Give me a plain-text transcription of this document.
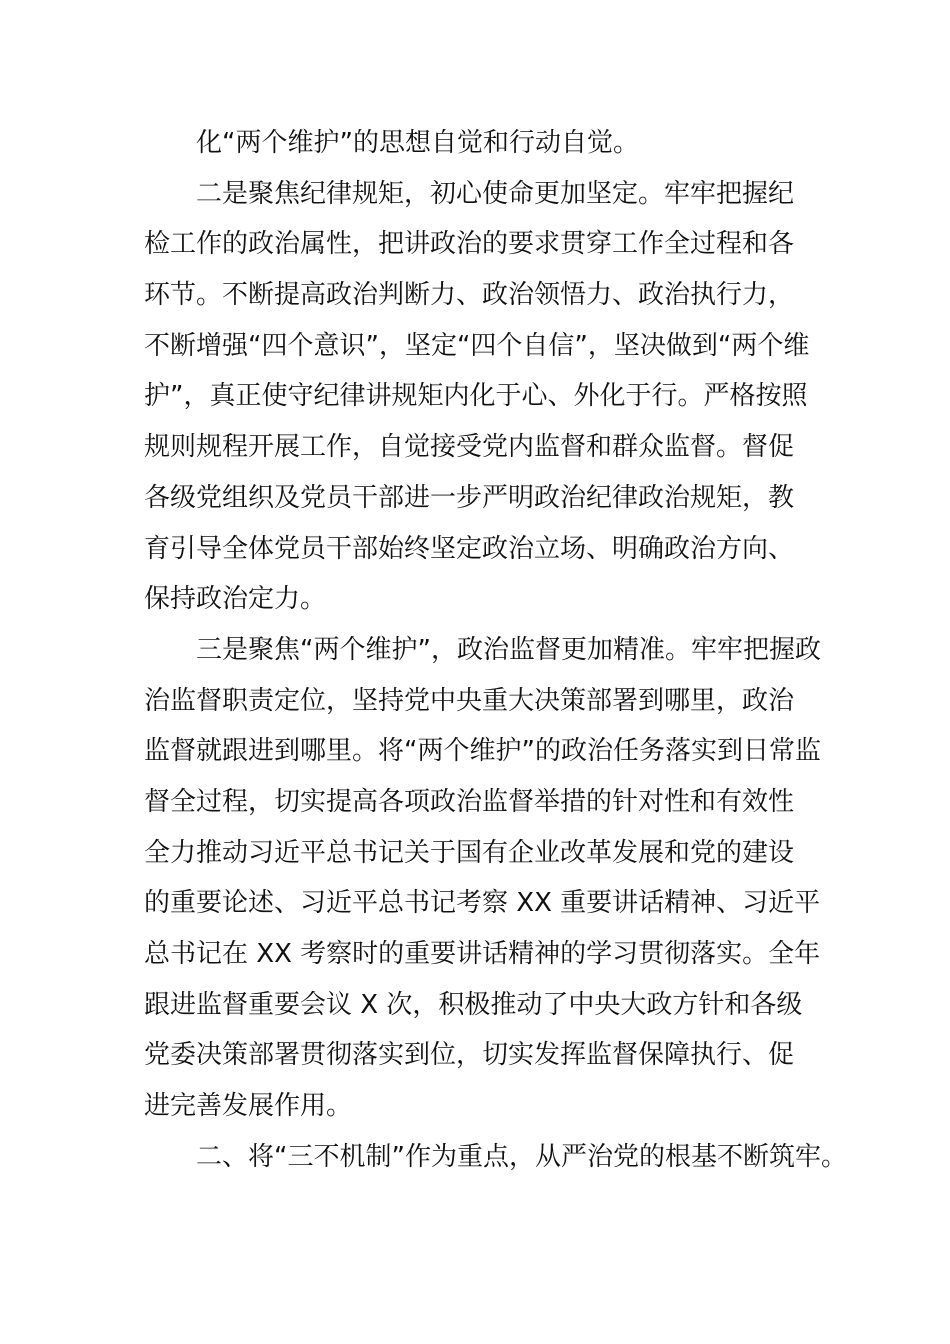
化“两个维护”的思想自觉和行动自觉。
二是聚焦纪律规矩，初心使命更加坚定。牢牢把握纪
检工作的政治属性，把讲政治的要求贯穿工作全过程和各
环节。不断提高政治判断力、政治领悟力、政治执行力，
不断增强“四个意识”，坚定“四个自信”，坚决做到“两个维
护”，真正使守纪律讲规矩内化于心、外化于行。严格按照
规则规程开展工作，自觉接受党内监督和群众监督。督促
各级党组织及党员干部进一步严明政治纪律政治规矩，教
育引导全体党员干部始终坚定政治立场、明确政治方向、
保持政治定力。
三是聚焦“两个维护”，政治监督更加精准。牢牢把握政
治监督职责定位，坚持党中央重大决策部署到哪里，政治
监督就跟进到哪里。将“两个维护”的政治任务落实到日常监
督全过程，切实提高各项政治监督举措的针对性和有效性
全力推动习近平总书记关于国有企业改革发展和党的建设
的重要论述、习近平总书记考察 XX 重要讲话精神、习近平
总书记在 XX 考察时的重要讲话精神的学习贯彻落实。全年
跟进监督重要会议 X 次，积极推动了中央大政方针和各级
党委决策部署贯彻落实到位，切实发挥监督保障执行、促
进完善发展作用。
二、将“三不机制”作为重点，从严治党的根基不断筑牢。
